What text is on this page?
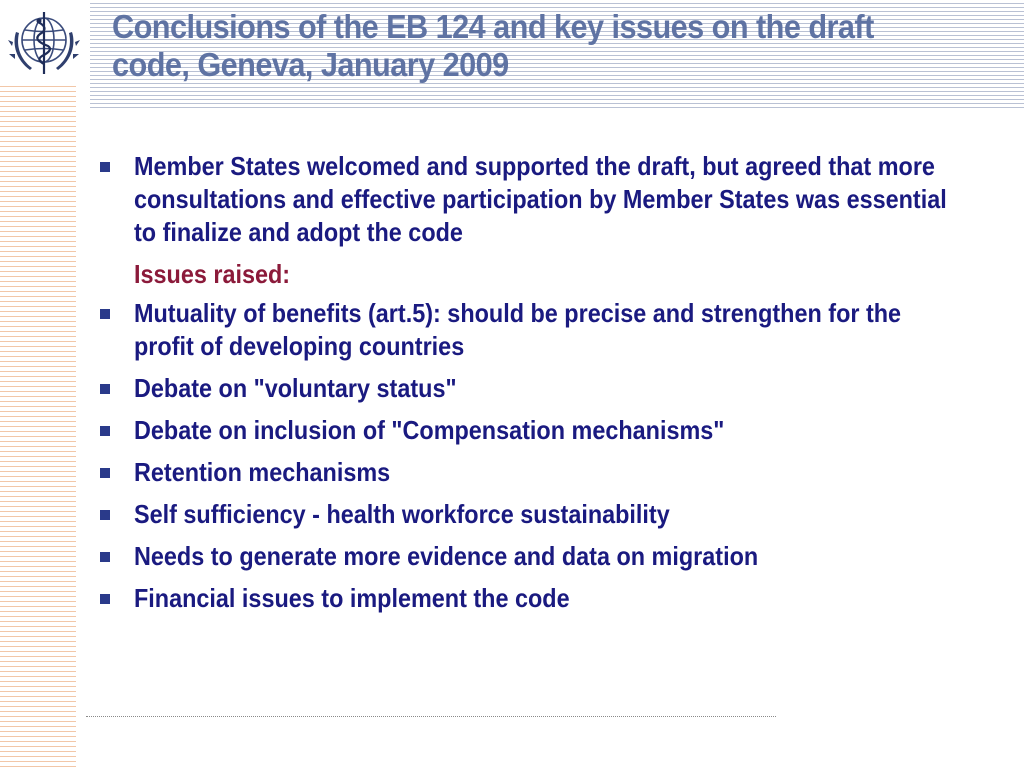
Conclusions of the EB 124 and key issues on the draft code, Geneva, January 2009
Member States welcomed and supported the draft, but agreed that more consultations and effective participation by Member States was essential to finalize and adopt the code

Issues raised:

Mutuality of benefits (art.5): should be precise and strengthen for the profit of developing countries
Debate on "voluntary status"
Debate on inclusion of "Compensation mechanisms"
Retention mechanisms
Self sufficiency - health workforce sustainability
Needs to generate more evidence and data on migration
Financial issues to implement the code
